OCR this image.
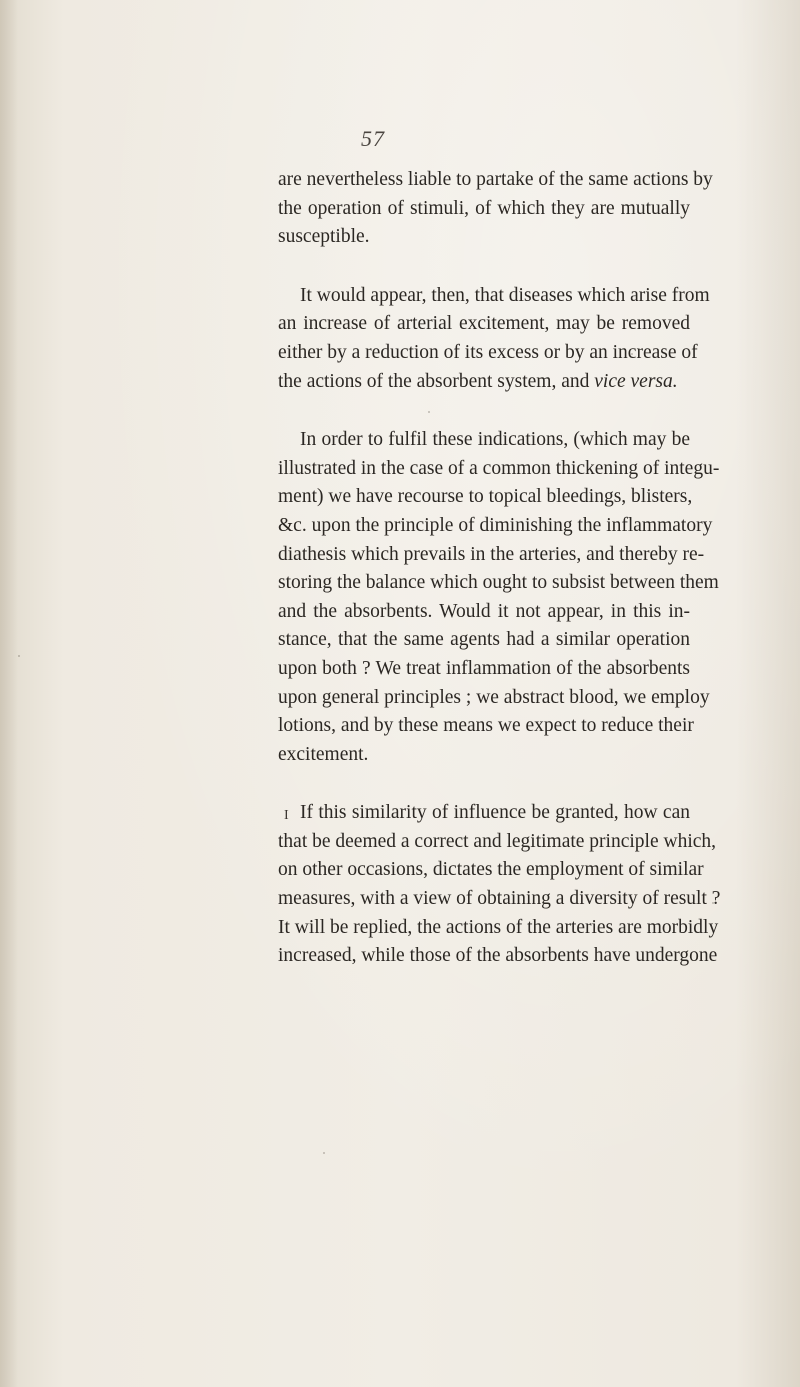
57
are nevertheless liable to partake of the same actions by
the operation of stimuli, of which they are mutually
susceptible.
It would appear, then, that diseases which arise from
an increase of arterial excitement, may be removed
either by a reduction of its excess or by an increase of
the actions of the absorbent system, and vice versa.
In order to fulfil these indications, (which may be
illustrated in the case of a common thickening of integu-
ment) we have recourse to topical bleedings, blisters,
&c. upon the principle of diminishing the inflammatory
diathesis which prevails in the arteries, and thereby re-
storing the balance which ought to subsist between them
and the absorbents. Would it not appear, in this in-
stance, that the same agents had a similar operation
upon both ? We treat inflammation of the absorbents
upon general principles ; we abstract blood, we employ
lotions, and by these means we expect to reduce their
excitement.
If this similarity of influence be granted, how can
that be deemed a correct and legitimate principle which,
on other occasions, dictates the employment of similar
measures, with a view of obtaining a diversity of result ?
It will be replied, the actions of the arteries are morbidly
increased, while those of the absorbents have undergone
I
